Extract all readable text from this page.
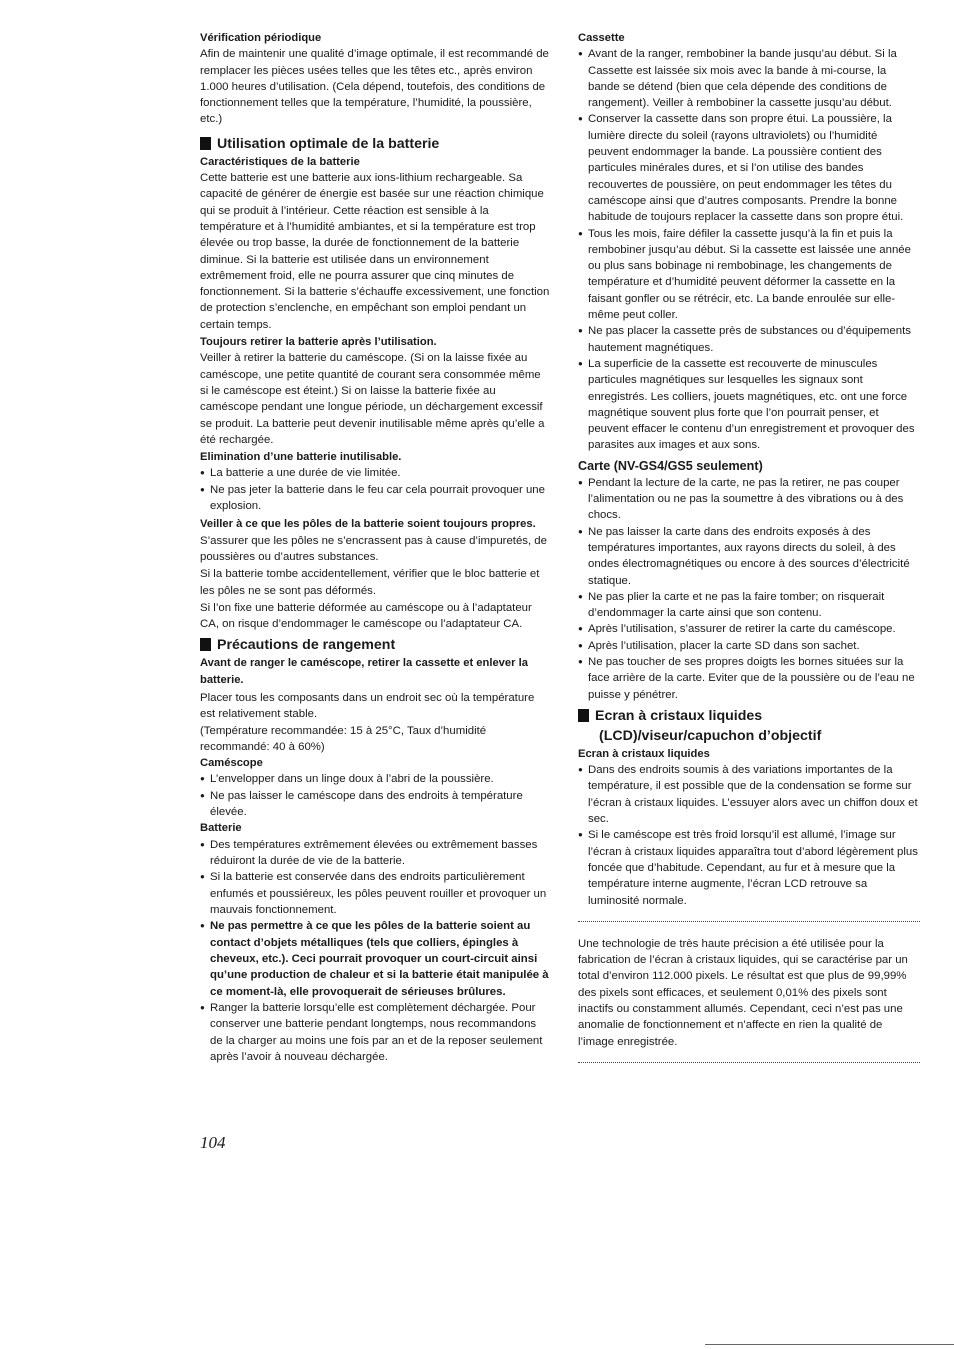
Vérification périodique

Afin de maintenir une qualité d’image optimale, il est recommandé de remplacer les pièces usées telles que les têtes etc., après environ 1.000 heures d’utilisation. (Cela dépend, toutefois, des conditions de fonctionnement telles que la température, l’humidité, la poussière, etc.)

Utilisation optimale de la batterie

Caractéristiques de la batterie

Cette batterie est une batterie aux ions-lithium rechargeable. Sa capacité de générer de énergie est basée sur une réaction chimique qui se produit à l’intérieur. Cette réaction est sensible à la température et à l’humidité ambiantes, et si la température est trop élevée ou trop basse, la durée de fonctionnement de la batterie diminue. Si la batterie est utilisée dans un environnement extrêmement froid, elle ne pourra assurer que cinq minutes de fonctionnement. Si la batterie s’échauffe excessivement, une fonction de protection s’enclenche, en empêchant son emploi pendant un certain temps.

Toujours retirer la batterie après l’utilisation.

Veiller à retirer la batterie du caméscope. (Si on la laisse fixée au caméscope, une petite quantité de courant sera consommée même si le caméscope est éteint.) Si on laisse la batterie fixée au caméscope pendant une longue période, un déchargement excessif se produit. La batterie peut devenir inutilisable même après qu’elle a été rechargée.

Elimination d’une batterie inutilisable.

● La batterie a une durée de vie limitée.
● Ne pas jeter la batterie dans le feu car cela pourrait provoquer une explosion.

Veiller à ce que les pôles de la batterie soient toujours propres.

S’assurer que les pôles ne s’encrassent pas à cause d’impuretés, de poussières ou d’autres substances.

Si la batterie tombe accidentellement, vérifier que le bloc batterie et les pôles ne se sont pas déformés.

Si l’on fixe une batterie déformée au caméscope ou à l’adaptateur CA, on risque d’endommager le caméscope ou l’adaptateur CA.

Précautions de rangement

Avant de ranger le caméscope, retirer la cassette et enlever la batterie.

Placer tous les composants dans un endroit sec où la température est relativement stable.

(Température recommandée: 15 à 25°C, Taux d’humidité recommandé: 40 à 60%)

Caméscope

● L’envelopper dans un linge doux à l’abri de la poussière.
● Ne pas laisser le caméscope dans des endroits à température élevée.

Batterie

● Des températures extrêmement élevées ou extrêmement basses réduiront la durée de vie de la batterie.
● Si la batterie est conservée dans des endroits particulièrement enfumés et poussiéreux, les pôles peuvent rouiller et provoquer un mauvais fonctionnement.
● Ne pas permettre à ce que les pôles de la batterie soient au contact d’objets métalliques (tels que colliers, épingles à cheveux, etc.). Ceci pourrait provoquer un court-circuit ainsi qu’une production de chaleur et si la batterie était manipulée à ce moment-là, elle provoquerait de sérieuses brûlures.
● Ranger la batterie lorsqu’elle est complètement déchargée. Pour conserver une batterie pendant longtemps, nous recommandons de la charger au moins une fois par an et de la reposer seulement après l’avoir à nouveau déchargée.

Cassette

● Avant de la ranger, rembobiner la bande jusqu’au début. Si la Cassette est laissée six mois avec la bande à mi-course, la bande se détend (bien que cela dépende des conditions de rangement). Veiller à rembobiner la cassette jusqu’au début.
● Conserver la cassette dans son propre étui. La poussière, la lumière directe du soleil (rayons ultraviolets) ou l’humidité peuvent endommager la bande. La poussière contient des particules minérales dures, et si l’on utilise des bandes recouvertes de poussière, on peut endommager les têtes du caméscope ainsi que d’autres composants. Prendre la bonne habitude de toujours replacer la cassette dans son propre étui.
● Tous les mois, faire défiler la cassette jusqu’à la fin et puis la rembobiner jusqu’au début. Si la cassette est laissée une année ou plus sans bobinage ni rembobinage, les changements de température et d’humidité peuvent déformer la cassette en la faisant gonfler ou se rétrécir, etc. La bande enroulée sur elle-même peut coller.
● Ne pas placer la cassette près de substances ou d’équipements hautement magnétiques.
● La superficie de la cassette est recouverte de minuscules particules magnétiques sur lesquelles les signaux sont enregistrés. Les colliers, jouets magnétiques, etc. ont une force magnétique souvent plus forte que l’on pourrait penser, et peuvent effacer le contenu d’un enregistrement et provoquer des parasites aux images et aux sons.

Carte (NV-GS4/GS5 seulement)

● Pendant la lecture de la carte, ne pas la retirer, ne pas couper l’alimentation ou ne pas la soumettre à des vibrations ou à des chocs.
● Ne pas laisser la carte dans des endroits exposés à des températures importantes, aux rayons directs du soleil, à des ondes électromagnétiques ou encore à des sources d’électricité statique.
● Ne pas plier la carte et ne pas la faire tomber; on risquerait d’endommager la carte ainsi que son contenu.
● Après l’utilisation, s’assurer de retirer la carte du caméscope.
● Après l’utilisation, placer la carte SD dans son sachet.
● Ne pas toucher de ses propres doigts les bornes situées sur la face arrière de la carte. Eviter que de la poussière ou de l’eau ne puisse y pénétrer.
Ecran à cristaux liquides
(LCD)/viseur/capuchon d’objectif

Ecran à cristaux liquides

● Dans des endroits soumis à des variations importantes de la température, il est possible que de la condensation se forme sur l’écran à cristaux liquides. L’essuyer alors avec un chiffon doux et sec.
● Si le caméscope est très froid lorsqu’il est allumé, l’image sur l’écran à cristaux liquides apparaîtra tout d’abord légèrement plus foncée que d’habitude. Cependant, au fur et à mesure que la température interne augmente, l’écran LCD retrouve sa luminosité normale.

Une technologie de très haute précision a été utilisée pour la fabrication de l’écran à cristaux liquides, qui se caractérise par un total d’environ 112.000 pixels. Le résultat est que plus de 99,99% des pixels sont efficaces, et seulement 0,01% des pixels sont inactifs ou constamment allumés. Cependant, ceci n’est pas une anomalie de fonctionnement et n’affecte en rien la qualité de l’image enregistrée.

104
